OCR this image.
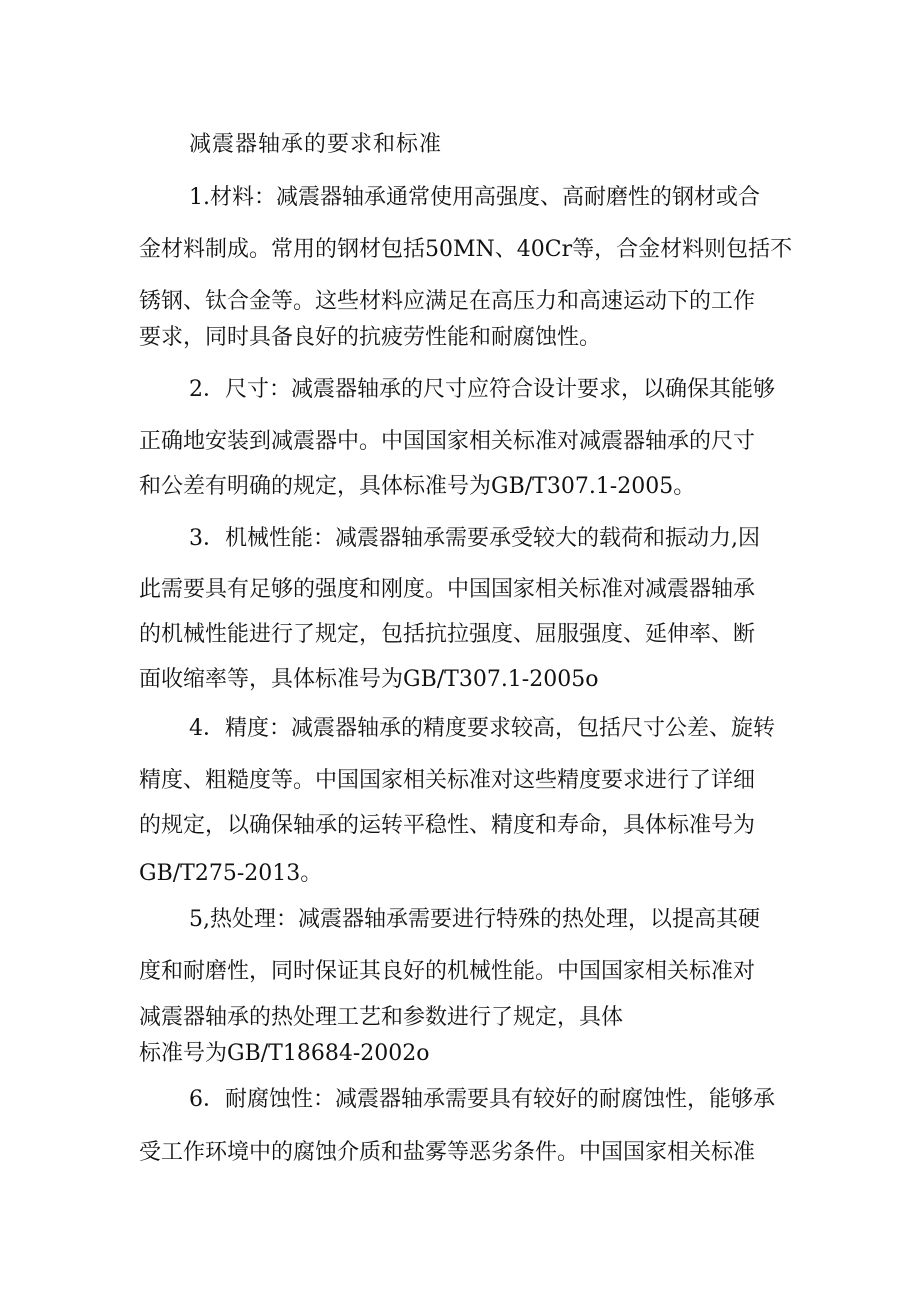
减震器轴承的要求和标准
1.材料：减震器轴承通常使用高强度、高耐磨性的钢材或合
金材料制成。常用的钢材包括50MN、40Cr等，合金材料则包括不
锈钢、钛合金等。这些材料应满足在高压力和高速运动下的工作
要求，同时具备良好的抗疲劳性能和耐腐蚀性。
2．尺寸：减震器轴承的尺寸应符合设计要求，以确保其能够
正确地安装到减震器中。中国国家相关标准对减震器轴承的尺寸
和公差有明确的规定，具体标准号为GB/T307.1-2005。
3．机械性能：减震器轴承需要承受较大的载荷和振动力,因
此需要具有足够的强度和刚度。中国国家相关标准对减震器轴承
的机械性能进行了规定，包括抗拉强度、屈服强度、延伸率、断
面收缩率等，具体标准号为GB/T307.1-2005o
4．精度：减震器轴承的精度要求较高，包括尺寸公差、旋转
精度、粗糙度等。中国国家相关标准对这些精度要求进行了详细
的规定，以确保轴承的运转平稳性、精度和寿命，具体标准号为
GB/T275-2013。
5,热处理：减震器轴承需要进行特殊的热处理，以提高其硬
度和耐磨性，同时保证其良好的机械性能。中国国家相关标准对
减震器轴承的热处理工艺和参数进行了规定，具体
标准号为GB/T18684-2002o
6．耐腐蚀性：减震器轴承需要具有较好的耐腐蚀性，能够承
受工作环境中的腐蚀介质和盐雾等恶劣条件。中国国家相关标准
